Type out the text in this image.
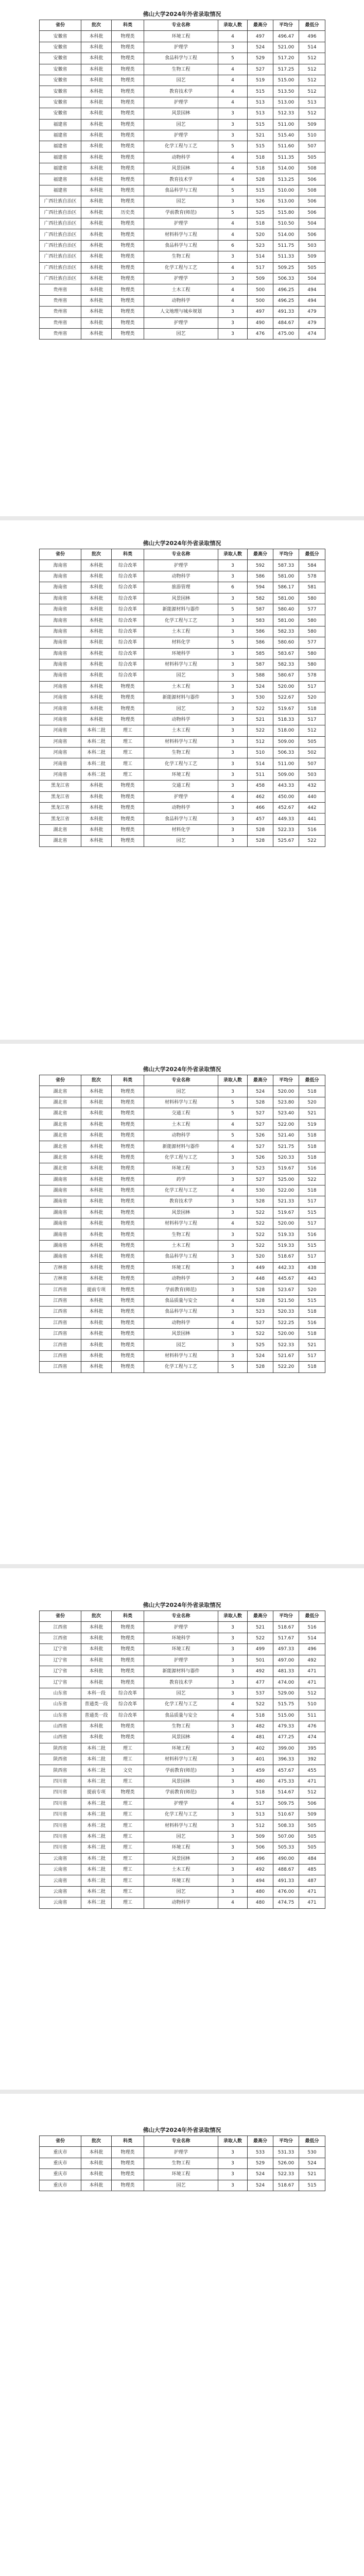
佛山大学2024年外省录取情况
省份	批次	科类	专业名称	录取人数	最高分	平均分	最低分
安徽省	本科批	物理类	环境工程	4	497	496.47	496
安徽省	本科批	物理类	护理学	3	524	521.00	514
安徽省	本科批	物理类	食品科学与工程	5	529	517.20	512
安徽省	本科批	物理类	生物工程	4	527	517.25	512
安徽省	本科批	物理类	园艺	4	519	515.00	512
安徽省	本科批	物理类	教育技术学	4	515	513.50	512
安徽省	本科批	物理类	护理学	4	513	513.00	513
安徽省	本科批	物理类	风景园林	3	513	512.33	512
福建省	本科批	物理类	园艺	3	515	511.00	509
福建省	本科批	物理类	护理学	3	521	515.40	510
福建省	本科批	物理类	化学工程与工艺	5	515	511.60	507
福建省	本科批	物理类	动物科学	4	518	511.35	505
福建省	本科批	物理类	风景园林	4	518	514.00	508
福建省	本科批	物理类	教育技术学	4	528	513.25	506
福建省	本科批	物理类	食品科学与工程	5	515	510.00	508
广西壮族自治区	本科批	物理类	园艺	3	526	513.00	506
广西壮族自治区	本科批	历史类	学前教育(师范)	5	525	515.80	506
广西壮族自治区	本科批	物理类	护理学	4	518	510.50	504
广西壮族自治区	本科批	物理类	材料科学与工程	4	520	514.00	506
广西壮族自治区	本科批	物理类	食品科学与工程	6	523	511.75	503
广西壮族自治区	本科批	物理类	生物工程	3	514	511.33	509
广西壮族自治区	本科批	物理类	化学工程与工艺	4	517	509.25	505
广西壮族自治区	本科批	物理类	护理学	3	509	506.33	504
贵州省	本科批	物理类	土木工程	4	500	496.25	494
贵州省	本科批	物理类	动物科学	4	500	496.25	494
贵州省	本科批	物理类	人文地理与城乡规划	3	497	491.33	479
贵州省	本科批	物理类	护理学	3	490	484.67	479
贵州省	本科批	物理类	园艺	3	476	475.00	474
佛山大学2024年外省录取情况
省份	批次	科类	专业名称	录取人数	最高分	平均分	最低分
海南省	本科批	综合改革	护理学	3	592	587.33	584
海南省	本科批	综合改革	动物科学	3	586	581.00	578
海南省	本科批	综合改革	旅游管理	6	594	586.17	581
海南省	本科批	综合改革	风景园林	3	582	581.00	580
海南省	本科批	综合改革	新能源材料与器件	5	587	580.40	577
海南省	本科批	综合改革	化学工程与工艺	3	583	581.00	580
海南省	本科批	综合改革	土木工程	3	586	582.33	580
海南省	本科批	综合改革	材料化学	5	586	580.60	577
海南省	本科批	综合改革	环境科学	3	585	583.67	580
海南省	本科批	综合改革	材料科学与工程	3	587	582.33	580
海南省	本科批	综合改革	园艺	3	588	580.67	578
河南省	本科批	物理类	土木工程	3	524	520.00	517
河南省	本科批	物理类	新能源材料与器件	3	530	522.67	520
河南省	本科批	物理类	园艺	3	522	519.67	518
河南省	本科批	物理类	动物科学	3	521	518.33	517
河南省	本科二批	理工	土木工程	3	522	518.00	512
河南省	本科二批	理工	材料科学与工程	3	512	509.00	505
河南省	本科二批	理工	生物工程	3	510	506.33	502
河南省	本科二批	理工	化学工程与工艺	3	514	511.00	507
河南省	本科二批	理工	环境工程	3	511	509.00	503
黑龙江省	本科批	物理类	交通工程	3	458	443.33	432
黑龙江省	本科批	物理类	护理学	4	462	450.00	440
黑龙江省	本科批	物理类	动物科学	3	466	452.67	442
黑龙江省	本科批	物理类	食品科学与工程	3	457	449.33	441
湖北省	本科批	物理类	材料化学	3	528	522.33	516
湖北省	本科批	物理类	园艺	3	528	525.67	522
佛山大学2024年外省录取情况
省份	批次	科类	专业名称	录取人数	最高分	平均分	最低分
湖北省	本科批	物理类	园艺	3	524	520.00	518
湖北省	本科批	物理类	材料科学与工程	5	528	523.80	520
湖北省	本科批	物理类	交通工程	5	527	523.40	521
湖北省	本科批	物理类	土木工程	4	527	522.00	519
湖北省	本科批	物理类	动物科学	5	526	521.40	518
湖北省	本科批	物理类	新能源材料与器件	4	527	521.75	518
湖北省	本科批	物理类	化学工程与工艺	3	526	520.33	518
湖北省	本科批	物理类	环境工程	3	523	519.67	516
湖南省	本科批	物理类	药学	3	527	525.00	522
湖南省	本科批	物理类	化学工程与工艺	4	530	522.00	518
湖南省	本科批	物理类	教育技术学	3	528	521.33	517
湖南省	本科批	物理类	风景园林	3	522	519.67	515
湖南省	本科批	物理类	材料科学与工程	4	522	520.00	517
湖南省	本科批	物理类	生物工程	3	522	519.33	516
湖南省	本科批	物理类	土木工程	3	522	519.33	515
湖南省	本科批	物理类	食品科学与工程	3	520	518.67	517
吉林省	本科批	物理类	环境工程	3	449	442.33	438
吉林省	本科批	物理类	动物科学	3	448	445.67	443
江西省	提前专项	物理类	学前教育(师范)	3	528	523.67	520
江西省	本科批	物理类	食品质量与安全	4	528	521.50	515
江西省	本科批	物理类	食品科学与工程	3	523	520.33	518
江西省	本科批	物理类	动物科学	4	527	522.25	516
江西省	本科批	物理类	风景园林	3	522	520.00	518
江西省	本科批	物理类	园艺	3	525	522.33	521
江西省	本科批	物理类	材料科学与工程	3	524	521.67	517
江西省	本科批	物理类	化学工程与工艺	5	528	522.20	518
佛山大学2024年外省录取情况
省份	批次	科类	专业名称	录取人数	最高分	平均分	最低分
江西省	本科批	物理类	护理学	3	521	518.67	516
江西省	本科批	物理类	环境科学	3	522	517.67	514
辽宁省	本科批	物理类	环境工程	3	499	497.33	496
辽宁省	本科批	物理类	护理学	3	501	497.00	492
辽宁省	本科批	物理类	新能源材料与器件	3	492	481.33	471
辽宁省	本科批	物理类	教育技术学	3	477	474.00	471
山东省	本科一段	综合改革	园艺	3	537	529.00	512
山东省	普通类一段	综合改革	化学工程与工艺	4	522	515.75	510
山东省	普通类一段	综合改革	食品质量与安全	4	518	515.00	511
山西省	本科批	物理类	生物工程	3	482	479.33	476
山西省	本科批	物理类	风景园林	4	481	477.25	474
陕西省	本科二批	理工	环境工程	3	402	399.00	395
陕西省	本科二批	理工	材料科学与工程	3	401	396.33	392
陕西省	本科二批	文史	学前教育(师范)	3	459	457.67	455
四川省	本科二批	理工	风景园林	3	480	475.33	471
四川省	提前专项	物理类	学前教育(师范)	3	518	514.67	512
四川省	本科二批	理工	护理学	4	517	509.75	506
四川省	本科二批	理工	化学工程与工艺	3	513	510.67	509
四川省	本科二批	理工	材料科学与工程	3	512	508.33	505
四川省	本科二批	理工	园艺	3	509	507.00	505
四川省	本科二批	理工	环境工程	3	506	505.33	505
云南省	本科二批	理工	风景园林	3	496	490.00	484
云南省	本科二批	理工	土木工程	3	492	488.67	485
云南省	本科二批	理工	环境工程	3	494	491.33	487
云南省	本科二批	理工	园艺	3	480	476.00	471
云南省	本科二批	理工	动物科学	4	480	474.75	471
佛山大学2024年外省录取情况
省份	批次	科类	专业名称	录取人数	最高分	平均分	最低分
重庆市	本科批	物理类	护理学	3	533	531.33	530
重庆市	本科批	物理类	生物工程	3	529	526.00	524
重庆市	本科批	物理类	环境工程	3	524	522.33	521
重庆市	本科批	物理类	园艺	3	524	518.67	515
